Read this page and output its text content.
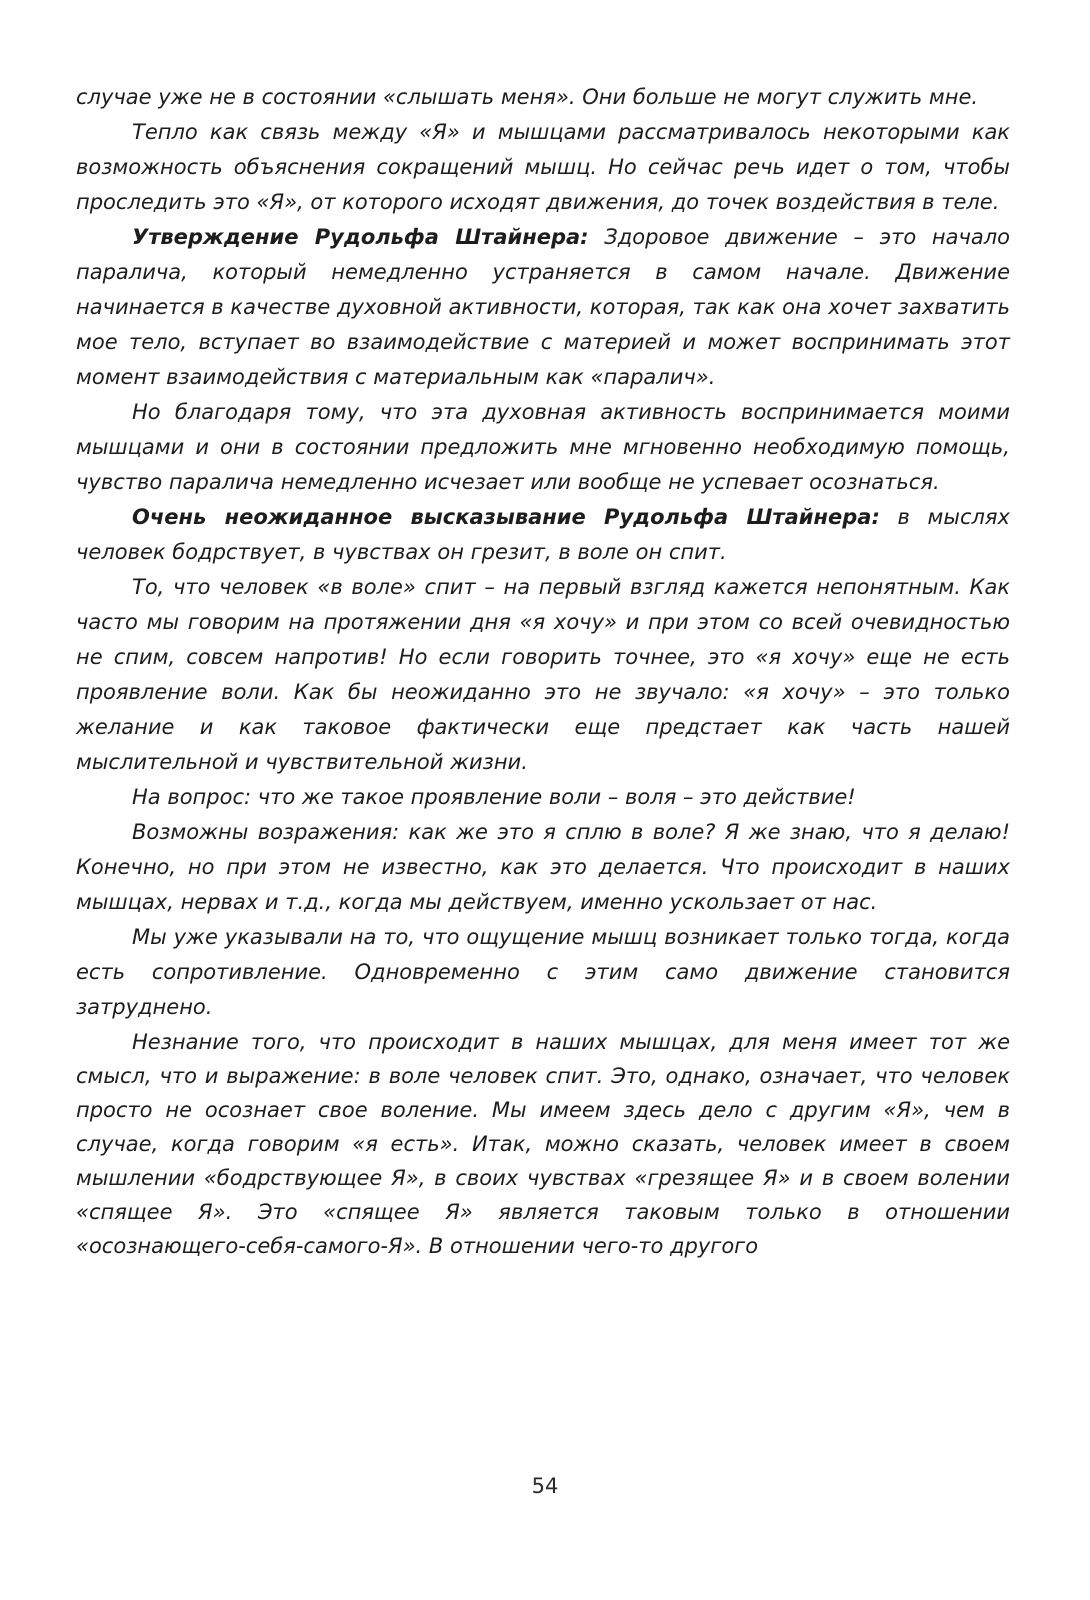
случае уже не в состоянии «слышать меня». Они больше не могут служить мне.

Тепло как связь между «Я» и мышцами рассматривалось некоторыми как возможность объяснения сокращений мышц. Но сейчас речь идет о том, чтобы проследить это «Я», от которого исходят движения, до точек воздействия в теле.

Утверждение Рудольфа Штайнера: Здоровое движение – это начало паралича, который немедленно устраняется в самом начале. Движение начинается в качестве духовной активности, которая, так как она хочет захватить мое тело, вступает во взаимодействие с материей и может воспринимать этот момент взаимодействия с материальным как «паралич».

Но благодаря тому, что эта духовная активность воспринимается моими мышцами и они в состоянии предложить мне мгновенно необходимую помощь, чувство паралича немедленно исчезает или вообще не успевает осознаться.

Очень неожиданное высказывание Рудольфа Штайнера: в мыслях человек бодрствует, в чувствах он грезит, в воле он спит.

То, что человек «в воле» спит – на первый взгляд кажется непонятным. Как часто мы говорим на протяжении дня «я хочу» и при этом со всей очевидностью не спим, совсем напротив! Но если говорить точнее, это «я хочу» еще не есть проявление воли. Как бы неожиданно это не звучало: «я хочу» – это только желание и как таковое фактически еще предстает как часть нашей мыслительной и чувствительной жизни.

На вопрос: что же такое проявление воли – воля – это действие!

Возможны возражения: как же это я сплю в воле? Я же знаю, что я делаю! Конечно, но при этом не известно, как это делается. Что происходит в наших мышцах, нервах и т.д., когда мы действуем, именно ускользает от нас.

Мы уже указывали на то, что ощущение мышц возникает только тогда, когда есть сопротивление. Одновременно с этим само движение становится затруднено.

Незнание того, что происходит в наших мышцах, для меня имеет тот же смысл, что и выражение: в воле человек спит. Это, однако, означает, что человек просто не осознает свое воление. Мы имеем здесь дело с другим «Я», чем в случае, когда говорим «я есть». Итак, можно сказать, человек имеет в своем мышлении «бодрствующее Я», в своих чувствах «грезящее Я» и в своем волении «спящее Я». Это «спящее Я» является таковым только в отношении «осознающего-себя-самого-Я». В отношении чего-то другого

54
